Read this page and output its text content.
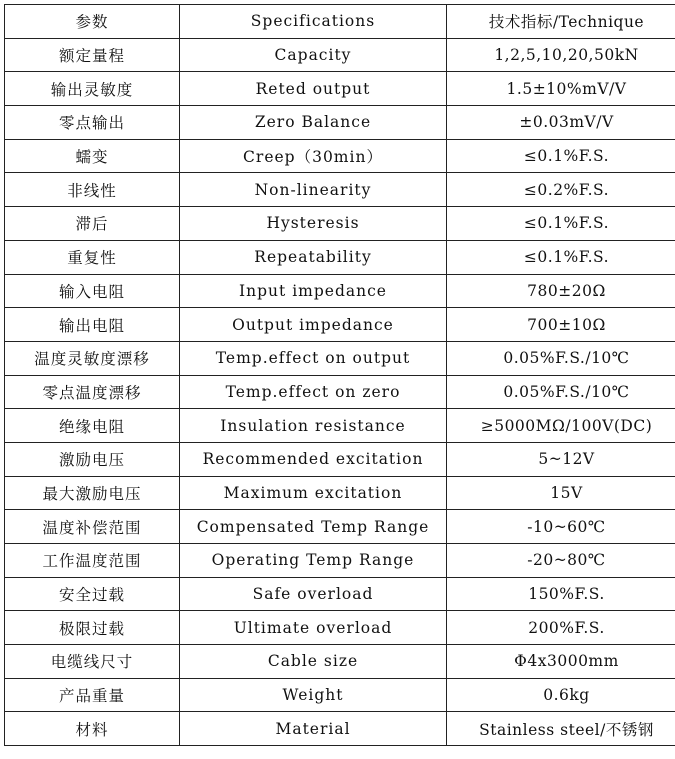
参数	Specifications	技术指标/Technique
额定量程	Capacity	1,2,5,10,20,50kN
输出灵敏度	Reted output	1.5±10%mV/V
零点输出	Zero Balance	±0.03mV/V
蠕变	Creep（30min）	≤0.1%F.S.
非线性	Non-linearity	≤0.2%F.S.
滞后	Hysteresis	≤0.1%F.S.
重复性	Repeatability	≤0.1%F.S.
输入电阻	Input impedance	780±20Ω
输出电阻	Output impedance	700±10Ω
温度灵敏度漂移	Temp.effect on output	0.05%F.S./10℃
零点温度漂移	Temp.effect on zero	0.05%F.S./10℃
绝缘电阻	Insulation resistance	≥5000MΩ/100V(DC)
激励电压	Recommended excitation	5~12V
最大激励电压	Maximum excitation	15V
温度补偿范围	Compensated Temp Range	-10~60℃
工作温度范围	Operating Temp Range	-20~80℃
安全过载	Safe overload	150%F.S.
极限过载	Ultimate overload	200%F.S.
电缆线尺寸	Cable size	Φ4x3000mm
产品重量	Weight	0.6kg
材料	Material	Stainless steel/不锈钢
